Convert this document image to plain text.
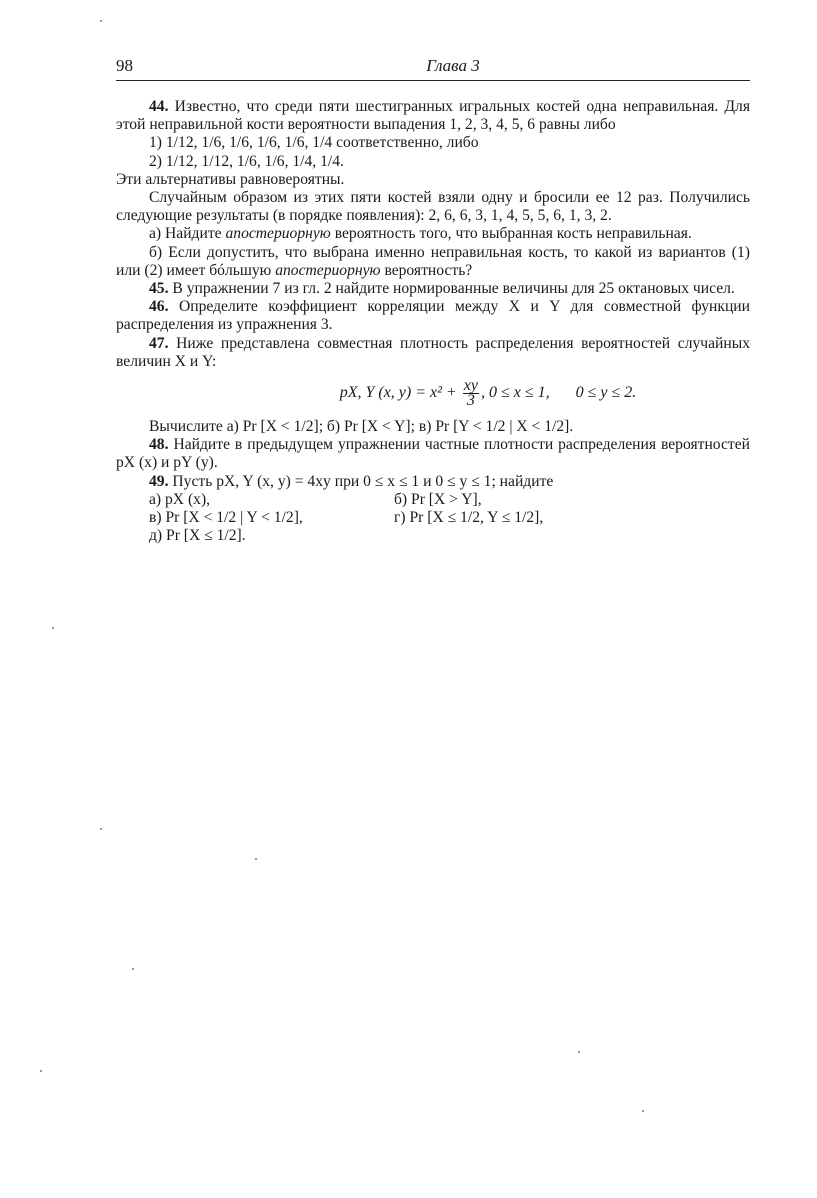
98	Глава 3

44. Известно, что среди пяти шестигранных игральных костей одна неправильная. Для этой неправильной кости вероятности выпадения 1, 2, 3, 4, 5, 6 равны либо

1) 1/12, 1/6, 1/6, 1/6, 1/6, 1/4 соответственно, либо

2) 1/12, 1/12, 1/6, 1/6, 1/4, 1/4.

Эти альтернативы равновероятны.

Случайным образом из этих пяти костей взяли одну и бросили ее 12 раз. Получились следующие результаты (в порядке появления): 2, 6, 6, 3, 1, 4, 5, 5, 6, 1, 3, 2.

а) Найдите апостериорную вероятность того, что выбранная кость неправильная.

б) Если допустить, что выбрана именно неправильная кость, то какой из вариантов (1) или (2) имеет бóльшую апостериорную вероятность?

45. В упражнении 7 из гл. 2 найдите нормированные величины для 25 октановых чисел.

46. Определите коэффициент корреляции между X и Y для совместной функции распределения из упражнения 3.

47. Ниже представлена совместная плотность распределения вероятностей случайных величин X и Y:

pX, Y (x, $y) = x^2 + \frac{xy}{3}$ , 0 ≤ x ≤ 1, 0 ≤ y ≤ 2.

Вычислите а) Pr [X < 1/2]; б) Pr [X < Y]; в) Pr [Y < 1/2 | X < 1/2].

48. Найдите в предыдущем упражнении частные плотности распределения вероятностей pX (x) и pY (y).

49. Пусть pX, Y (x, y) = 4xy при 0 ≤ x ≤ 1 и 0 ≤ y ≤ 1; найдите

а) pX (x),	б) Pr [X > Y],
в) Pr [X < 1/2 | Y < 1/2],	г) Pr [X ≤ 1/2, Y ≤ 1/2],
д) Pr [X ≤ 1/2].
